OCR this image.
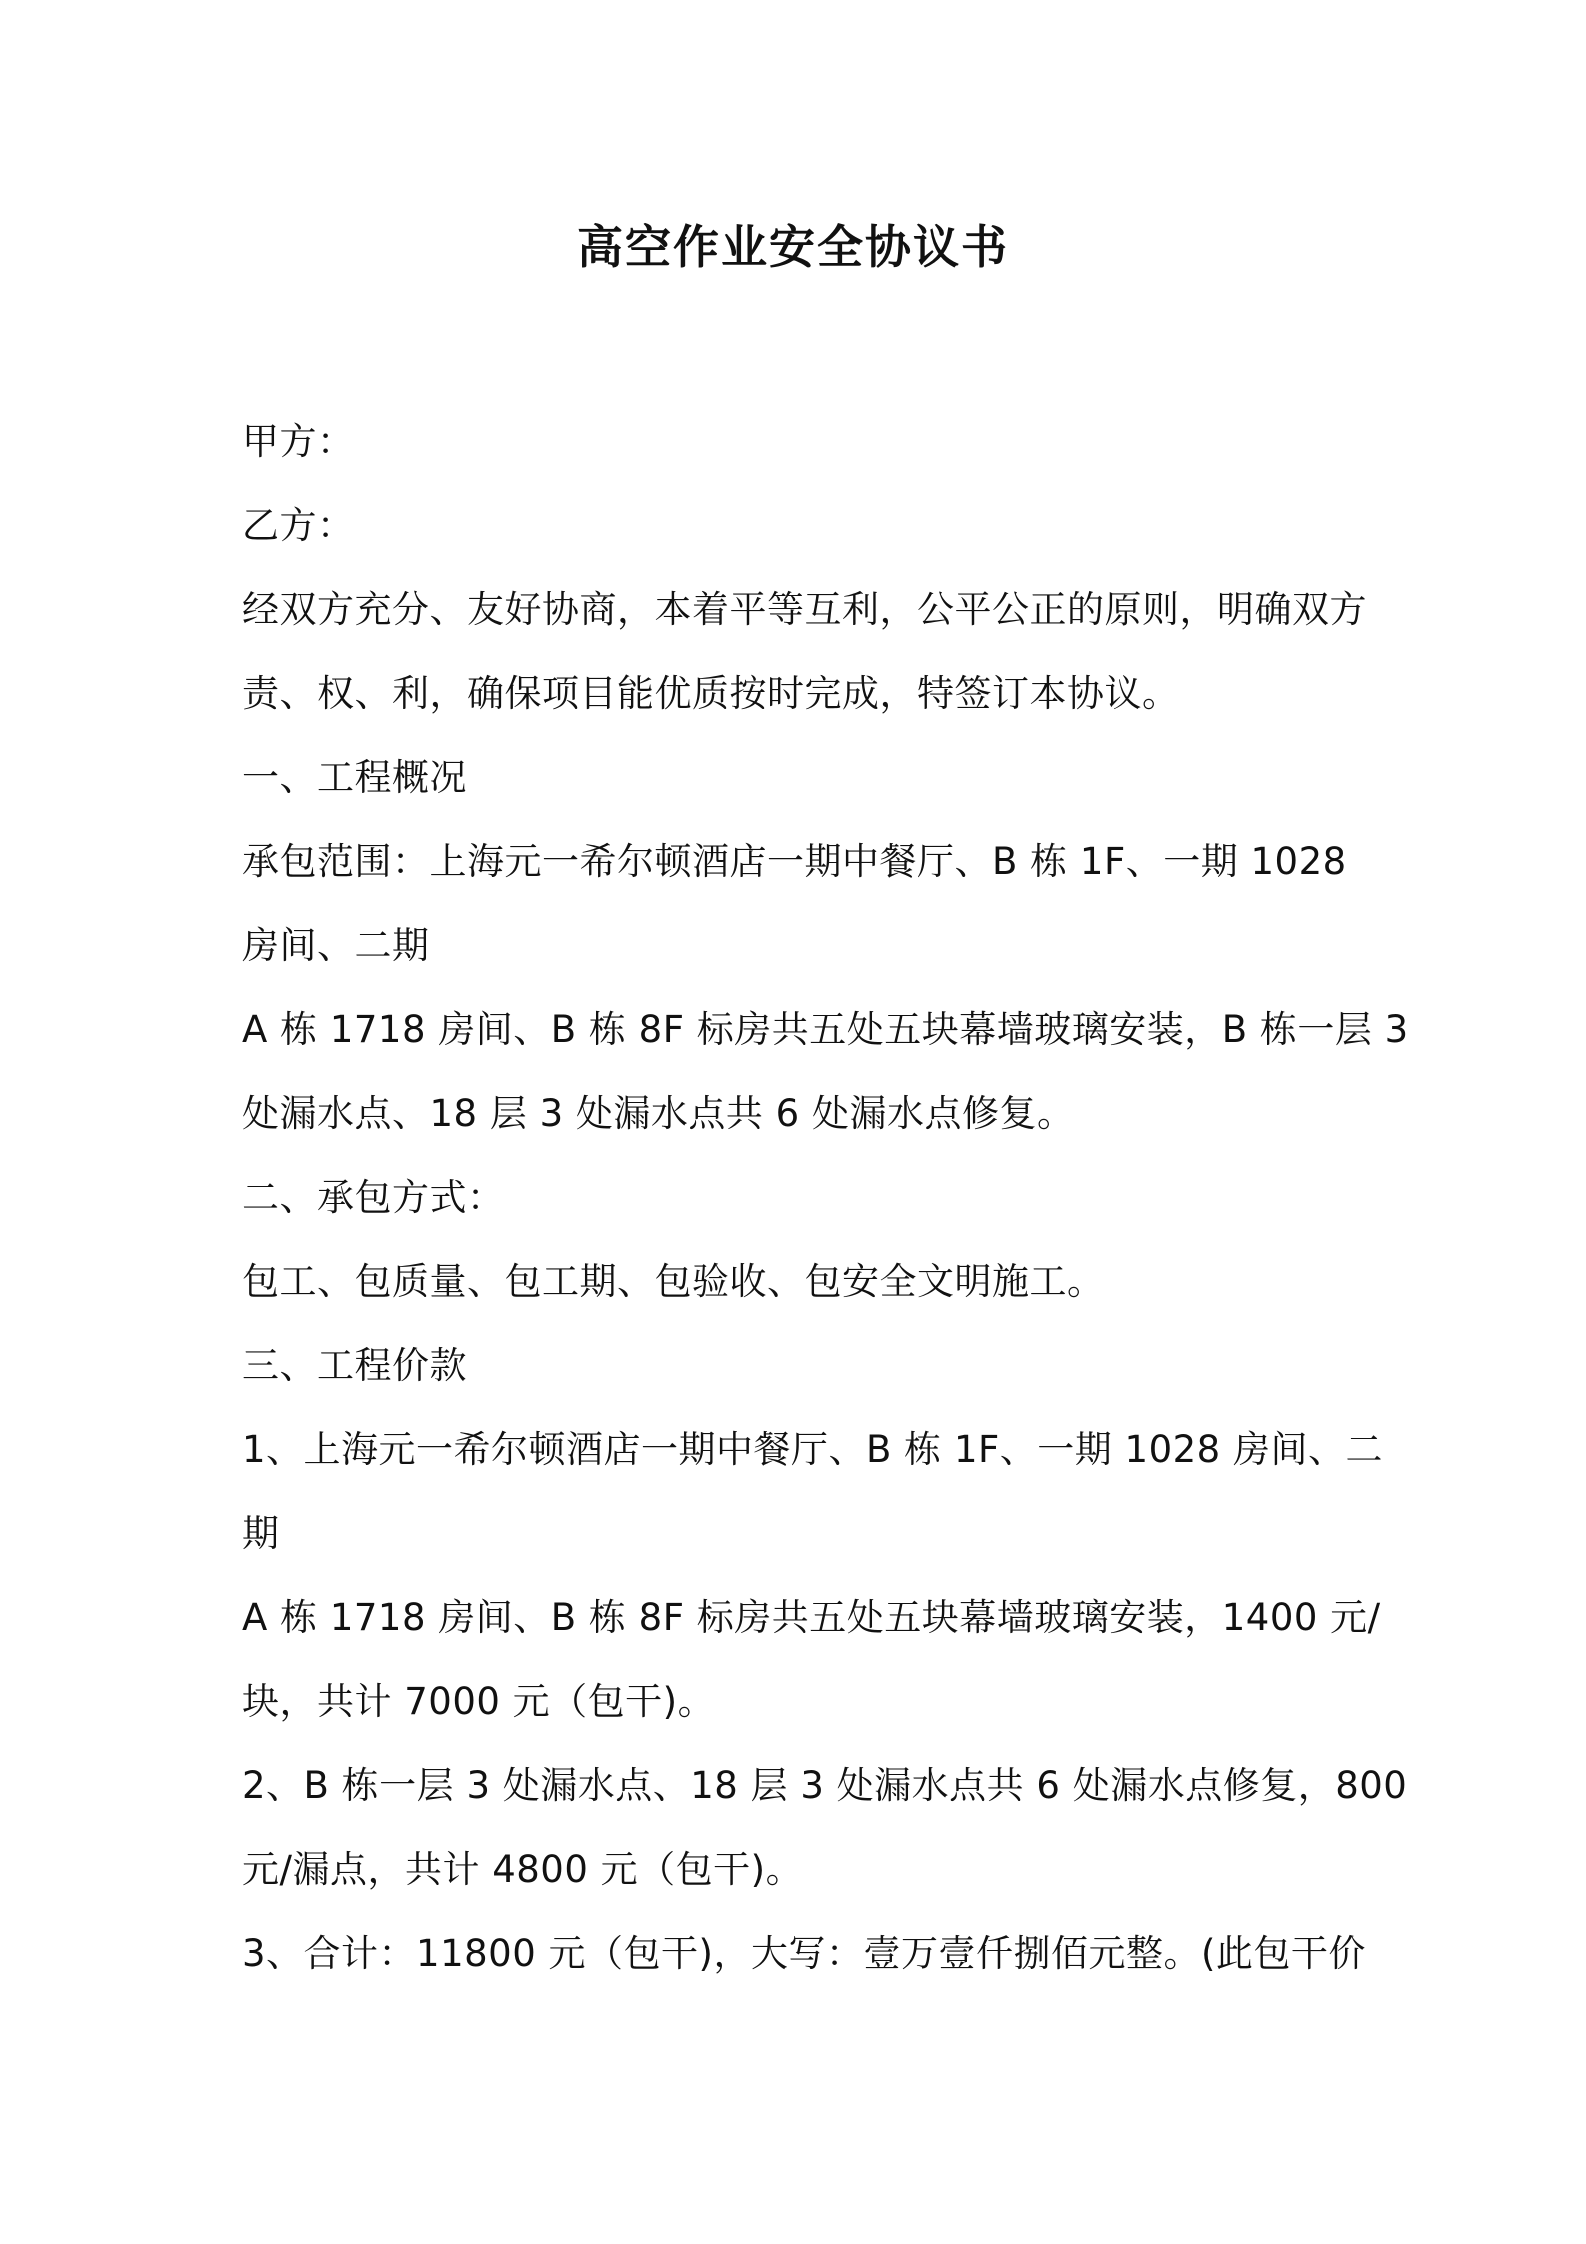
高空作业安全协议书
甲方：
乙方：
经双方充分、友好协商，本着平等互利，公平公正的原则，明确双方
责、权、利，确保项目能优质按时完成，特签订本协议。
一、工程概况
承包范围：上海元一希尔顿酒店一期中餐厅、B 栋 1F、一期 1028
房间、二期
A 栋 1718 房间、B 栋 8F 标房共五处五块幕墙玻璃安装，B 栋一层 3
处漏水点、18 层 3 处漏水点共 6 处漏水点修复。
二、承包方式：
包工、包质量、包工期、包验收、包安全文明施工。
三、工程价款
1、上海元一希尔顿酒店一期中餐厅、B 栋 1F、一期 1028 房间、二
期
A 栋 1718 房间、B 栋 8F 标房共五处五块幕墙玻璃安装，1400 元/
块，共计 7000 元（包干)。
2、B 栋一层 3 处漏水点、18 层 3 处漏水点共 6 处漏水点修复，800
元/漏点，共计 4800 元（包干)。
3、合计：11800 元（包干)，大写：壹万壹仟捌佰元整。(此包干价
